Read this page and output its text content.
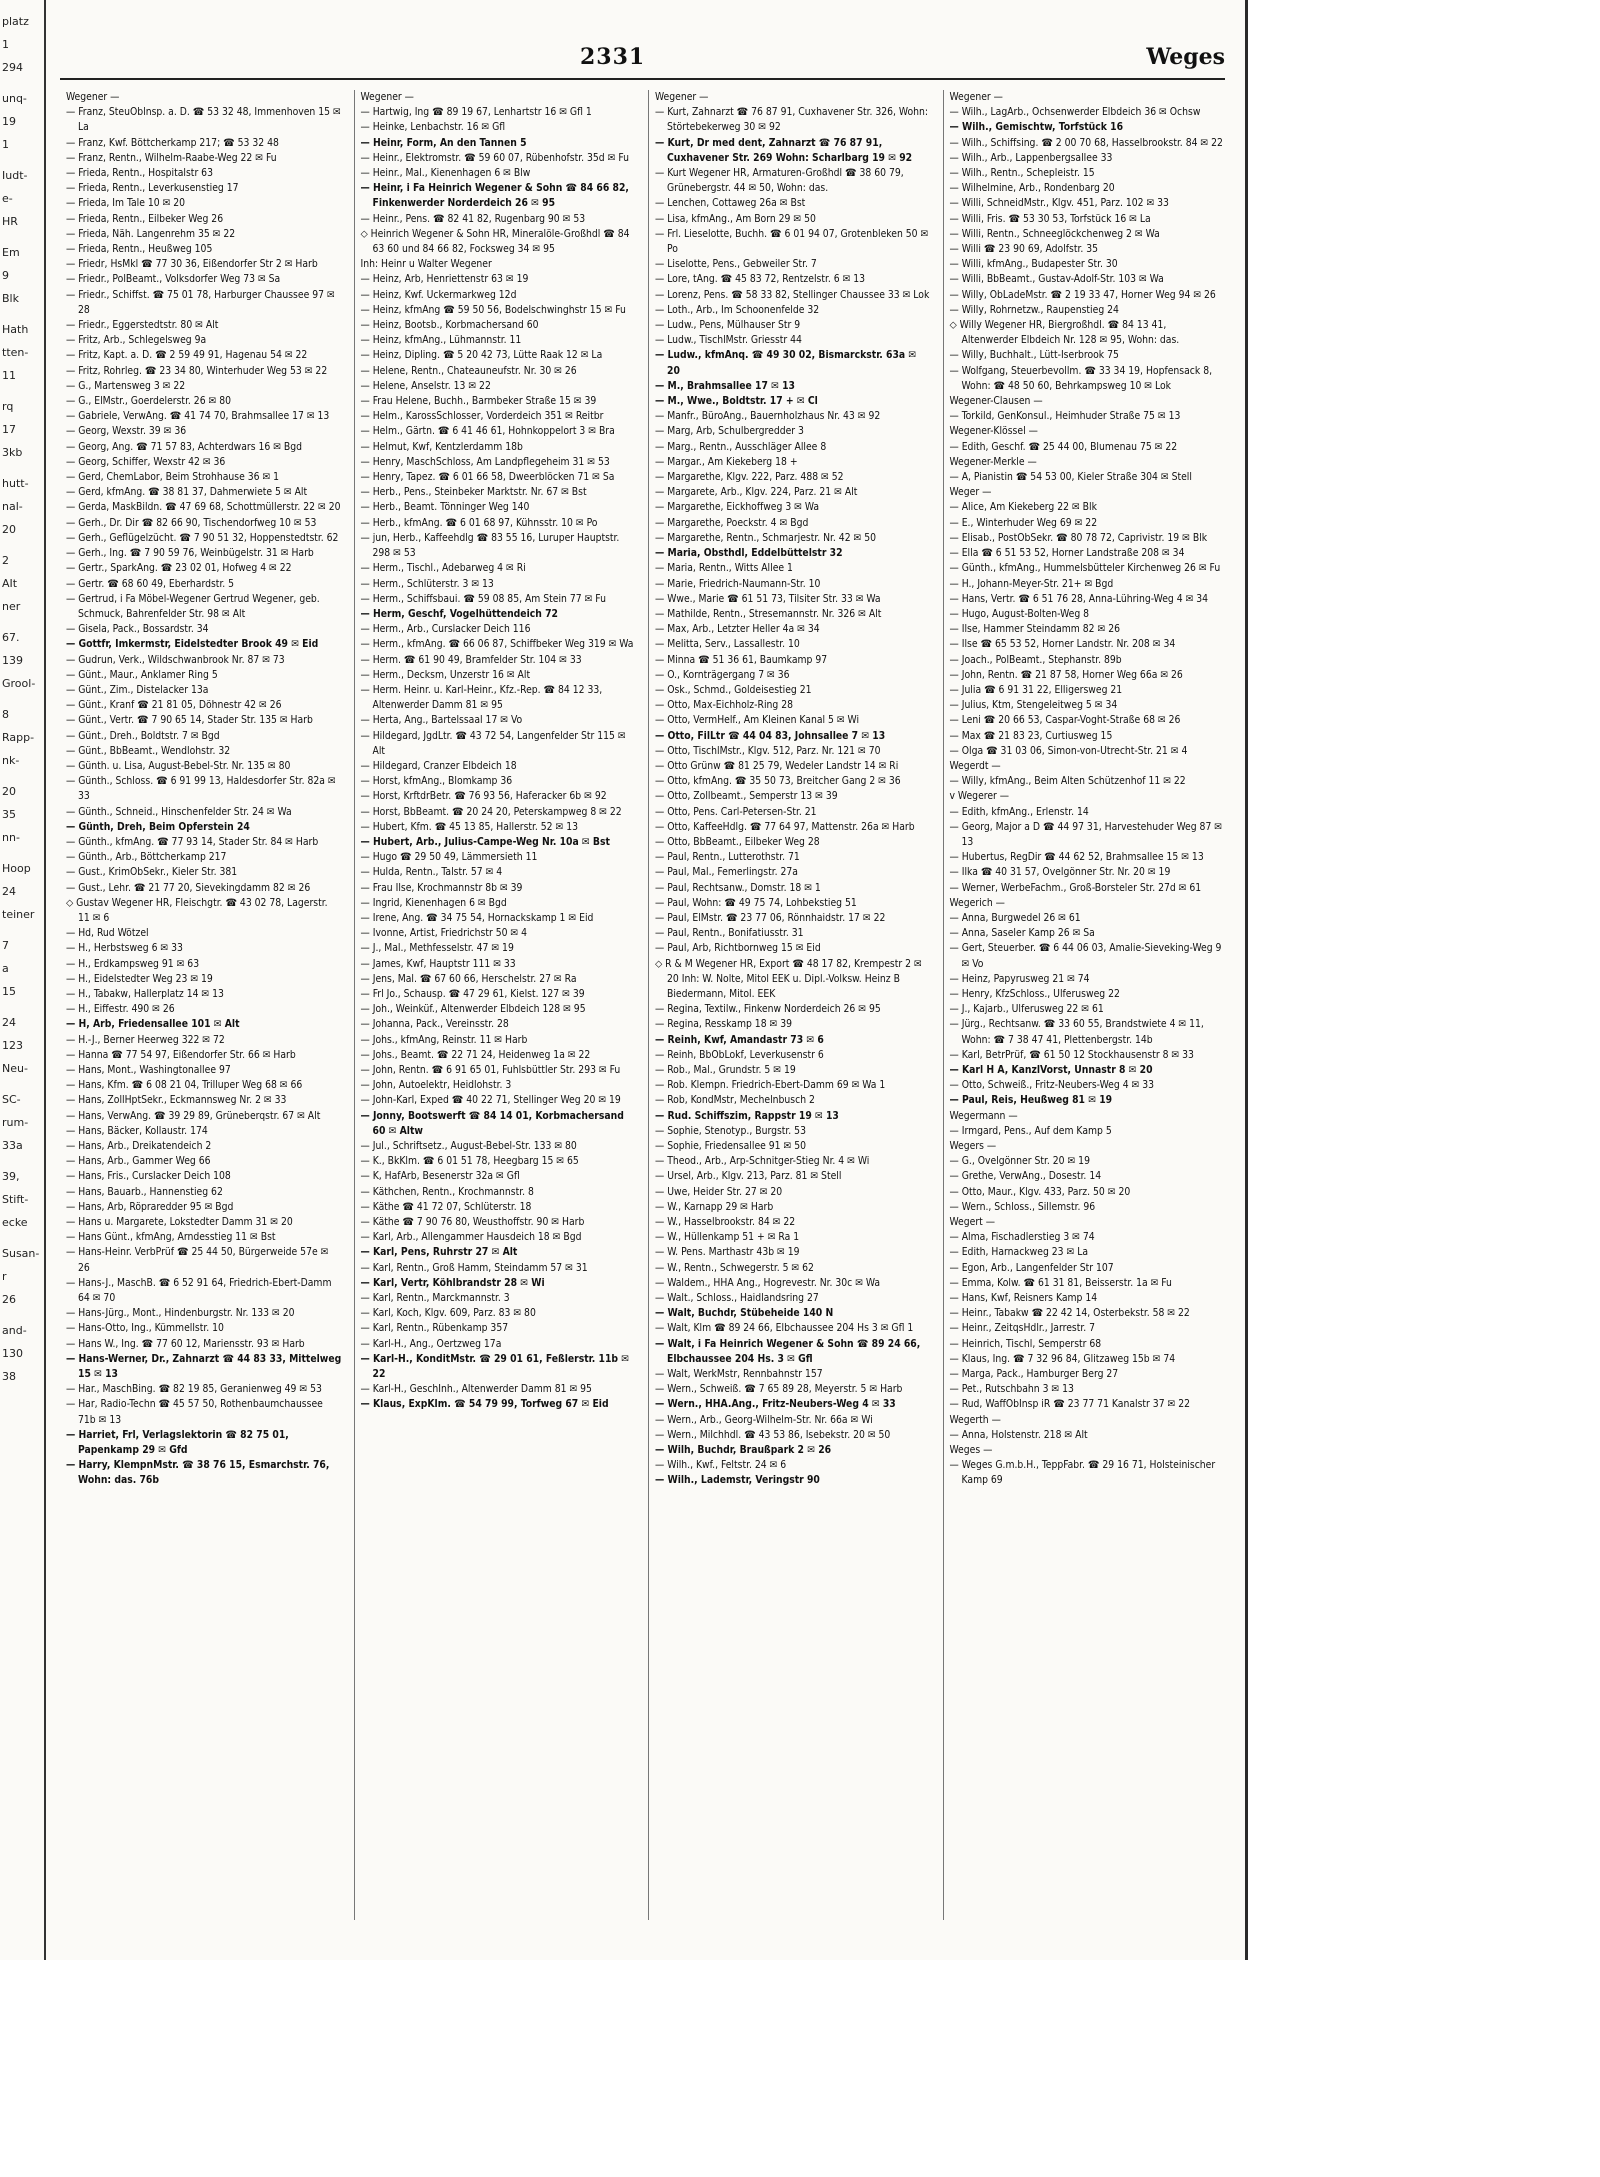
platz
1
294
unq-
19
1
Iudt-
e-
HR
Em
9
Blk
Hath
tten-
11
rq
17
3kb
hutt-
nal-
20
2
AIt
ner
67.
139
Grool-
8
Rapp-
nk-
20
35
nn-
Hoop
24
teiner
7
a
15
24
123
Neu-
SC-
rum-
33a
39,
Stift-
ecke
Susan-
r
26
and-
130
38
2331	Weges

Wegener —

— Franz, SteuOblnsp. a. D. ☎ 53 32 48, Immenhoven 15 ✉ La

— Franz, Kwf. Böttcherkamp 217; ☎ 53 32 48

— Franz, Rentn., Wilhelm-Raabe-Weg 22 ✉ Fu

— Frieda, Rentn., Hospitalstr 63

— Frieda, Rentn., Leverkusenstieg 17

— Frieda, Im Tale 10 ✉ 20

— Frieda, Rentn., Eilbeker Weg 26

— Frieda, Näh. Langenrehm 35 ✉ 22

— Frieda, Rentn., Heußweg 105

— Friedr, HsMkl ☎ 77 30 36, Eißendorfer Str 2 ✉ Harb

— Friedr., PolBeamt., Volksdorfer Weg 73 ✉ Sa

— Friedr., Schiffst. ☎ 75 01 78, Harburger Chaussee 97 ✉ 28

— Friedr., Eggerstedtstr. 80 ✉ Alt

— Fritz, Arb., Schlegelsweg 9a

— Fritz, Kapt. a. D. ☎ 2 59 49 91, Hagenau 54 ✉ 22

— Fritz, Rohrleg. ☎ 23 34 80, Winterhuder Weg 53 ✉ 22

— G., Martensweg 3 ✉ 22

— G., ElMstr., Goerdelerstr. 26 ✉ 80

— Gabriele, VerwAng. ☎ 41 74 70, Brahmsallee 17 ✉ 13

— Georg, Wexstr. 39 ✉ 36

— Georg, Ang. ☎ 71 57 83, Achterdwars 16 ✉ Bgd

— Georg, Schiffer, Wexstr 42 ✉ 36

— Gerd, ChemLabor, Beim Strohhause 36 ✉ 1

— Gerd, kfmAng. ☎ 38 81 37, Dahmerwiete 5 ✉ Alt

— Gerda, MaskBildn. ☎ 47 69 68, Schottmüllerstr. 22 ✉ 20

— Gerh., Dr. Dir ☎ 82 66 90, Tischendorfweg 10 ✉ 53

— Gerh., Geflügelzücht. ☎ 7 90 51 32, Hoppenstedtstr. 62

— Gerh., Ing. ☎ 7 90 59 76, Weinbügelstr. 31 ✉ Harb

— Gertr., SparkAng. ☎ 23 02 01, Hofweg 4 ✉ 22

— Gertr. ☎ 68 60 49, Eberhardstr. 5

— Gertrud, i Fa Möbel-Wegener Gertrud Wegener, geb. Schmuck, Bahrenfelder Str. 98 ✉ Alt

— Gisela, Pack., Bossardstr. 34

— Gottfr, Imkermstr, Eidelstedter Brook 49 ✉ Eid

— Gudrun, Verk., Wildschwanbrook Nr. 87 ✉ 73

— Günt., Maur., Anklamer Ring 5

— Günt., Zim., Distelacker 13a

— Günt., Kranf ☎ 21 81 05, Döhnestr 42 ✉ 26

— Günt., Vertr. ☎ 7 90 65 14, Stader Str. 135 ✉ Harb

— Günt., Dreh., Boldtstr. 7 ✉ Bgd

— Günt., BbBeamt., Wendlohstr. 32

— Günth. u. Lisa, August-Bebel-Str. Nr. 135 ✉ 80

— Günth., Schloss. ☎ 6 91 99 13, Haldesdorfer Str. 82a ✉ 33

— Günth., Schneid., Hinschenfelder Str. 24 ✉ Wa

— Günth, Dreh, Beim Opferstein 24

— Günth., kfmAng. ☎ 77 93 14, Stader Str. 84 ✉ Harb

— Günth., Arb., Böttcherkamp 217

— Gust., KrimObSekr., Kieler Str. 381

— Gust., Lehr. ☎ 21 77 20, Sievekingdamm 82 ✉ 26

⬦ Gustav Wegener HR, Fleischgtr. ☎ 43 02 78, Lagerstr. 11 ✉ 6

— Hd, Rud Wötzel

— H., Herbstsweg 6 ✉ 33

— H., Erdkampsweg 91 ✉ 63

— H., Eidelstedter Weg 23 ✉ 19

— H., Tabakw, Hallerplatz 14 ✉ 13

— H., Eiffestr. 490 ✉ 26

— H, Arb, Friedensallee 101 ✉ Alt

— H.-J., Berner Heerweg 322 ✉ 72

— Hanna ☎ 77 54 97, Eißendorfer Str. 66 ✉ Harb

— Hans, Mont., Washingtonallee 97

— Hans, Kfm. ☎ 6 08 21 04, Trilluper Weg 68 ✉ 66

— Hans, ZollHptSekr., Eckmannsweg Nr. 2 ✉ 33

— Hans, VerwAng. ☎ 39 29 89, Grüneberqstr. 67 ✉ Alt

— Hans, Bäcker, Kollaustr. 174

— Hans, Arb., Dreikatendeich 2

— Hans, Arb., Gammer Weg 66

— Hans, Fris., Curslacker Deich 108

— Hans, Bauarb., Hannenstieg 62

— Hans, Arb, Röpraredder 95 ✉ Bgd

— Hans u. Margarete, Lokstedter Damm 31 ✉ 20

— Hans Günt., kfmAng, Arndesstieg 11 ✉ Bst

— Hans-Heinr. VerbPrüf ☎ 25 44 50, Bürgerweide 57e ✉ 26

— Hans-J., MaschB. ☎ 6 52 91 64, Friedrich-Ebert-Damm 64 ✉ 70

— Hans-Jürg., Mont., Hindenburgstr. Nr. 133 ✉ 20

— Hans-Otto, Ing., Kümmellstr. 10

— Hans W., Ing. ☎ 77 60 12, Mariensstr. 93 ✉ Harb

— Hans-Werner, Dr., Zahnarzt ☎ 44 83 33, Mittelweg 15 ✉ 13

— Har., MaschBing. ☎ 82 19 85, Geranienweg 49 ✉ 53

— Har, Radio-Techn ☎ 45 57 50, Rothenbaumchaussee 71b ✉ 13

— Harriet, Frl, Verlagslektorin ☎ 82 75 01, Papenkamp 29 ✉ Gfd

— Harry, KlempnMstr. ☎ 38 76 15, Esmarchstr. 76, Wohn: das. 76b

Wegener —

— Hartwig, Ing ☎ 89 19 67, Lenhartstr 16 ✉ Gfl 1

— Heinke, Lenbachstr. 16 ✉ Gfl

— Heinr, Form, An den Tannen 5

— Heinr., Elektromstr. ☎ 59 60 07, Rübenhofstr. 35d ✉ Fu

— Heinr., Mal., Kienenhagen 6 ✉ Blw

— Heinr, i Fa Heinrich Wegener & Sohn ☎ 84 66 82, Finkenwerder Norderdeich 26 ✉ 95

— Heinr., Pens. ☎ 82 41 82, Rugenbarg 90 ✉ 53

⬦ Heinrich Wegener & Sohn HR, Mineralöle-Großhdl ☎ 84 63 60 und 84 66 82, Focksweg 34 ✉ 95

Inh: Heinr u Walter Wegener

— Heinz, Arb, Henriettenstr 63 ✉ 19

— Heinz, Kwf. Uckermarkweg 12d

— Heinz, kfmAng ☎ 59 50 56, Bodelschwinghstr 15 ✉ Fu

— Heinz, Bootsb., Korbmachersand 60

— Heinz, kfmAng., Lühmannstr. 11

— Heinz, Dipling. ☎ 5 20 42 73, Lütte Raak 12 ✉ La

— Helene, Rentn., Chateauneufstr. Nr. 30 ✉ 26

— Helene, Anselstr. 13 ✉ 22

— Frau Helene, Buchh., Barmbeker Straße 15 ✉ 39

— Helm., KarossSchlosser, Vorderdeich 351 ✉ Reitbr

— Helm., Gärtn. ☎ 6 41 46 61, Hohnkoppelort 3 ✉ Bra

— Helmut, Kwf, Kentzlerdamm 18b

— Henry, MaschSchloss, Am Landpflegeheim 31 ✉ 53

— Henry, Tapez. ☎ 6 01 66 58, Dweerblöcken 71 ✉ Sa

— Herb., Pens., Steinbeker Marktstr. Nr. 67 ✉ Bst

— Herb., Beamt. Tönninger Weg 140

— Herb., kfmAng. ☎ 6 01 68 97, Kühnsstr. 10 ✉ Po

— jun, Herb., Kaffeehdlg ☎ 83 55 16, Luruper Hauptstr. 298 ✉ 53

— Herm., Tischl., Adebarweg 4 ✉ Ri

— Herm., Schlüterstr. 3 ✉ 13

— Herm., Schiffsbaui. ☎ 59 08 85, Am Stein 77 ✉ Fu

— Herm, Geschf, Vogelhüttendeich 72

— Herm., Arb., Curslacker Deich 116

— Herm., kfmAng. ☎ 66 06 87, Schiffbeker Weg 319 ✉ Wa

— Herm. ☎ 61 90 49, Bramfelder Str. 104 ✉ 33

— Herm., Decksm, Unzerstr 16 ✉ Alt

— Herm. Heinr. u. Karl-Heinr., Kfz.-Rep. ☎ 84 12 33, Altenwerder Damm 81 ✉ 95

— Herta, Ang., Bartelssaal 17 ✉ Vo

— Hildegard, JgdLtr. ☎ 43 72 54, Langenfelder Str 115 ✉ Alt

— Hildegard, Cranzer Elbdeich 18

— Horst, kfmAng., Blomkamp 36

— Horst, KrftdrBetr. ☎ 76 93 56, Haferacker 6b ✉ 92

— Horst, BbBeamt. ☎ 20 24 20, Peterskampweg 8 ✉ 22

— Hubert, Kfm. ☎ 45 13 85, Hallerstr. 52 ✉ 13

— Hubert, Arb., Julius-Campe-Weg Nr. 10a ✉ Bst

— Hugo ☎ 29 50 49, Lämmersieth 11

— Hulda, Rentn., Talstr. 57 ✉ 4

— Frau Ilse, Krochmannstr 8b ✉ 39

— Ingrid, Kienenhagen 6 ✉ Bgd

— Irene, Ang. ☎ 34 75 54, Hornackskamp 1 ✉ Eid

— Ivonne, Artist, Friedrichstr 50 ✉ 4

— J., Mal., Methfesselstr. 47 ✉ 19

— James, Kwf, Hauptstr 111 ✉ 33

— Jens, Mal. ☎ 67 60 66, Herschelstr. 27 ✉ Ra

— Frl Jo., Schausp. ☎ 47 29 61, Kielst. 127 ✉ 39

— Joh., Weinküf., Altenwerder Elbdeich 128 ✉ 95

— Johanna, Pack., Vereinsstr. 28

— Johs., kfmAng, Reinstr. 11 ✉ Harb

— Johs., Beamt. ☎ 22 71 24, Heidenweg 1a ✉ 22

— John, Rentn. ☎ 6 91 65 01, Fuhlsbüttler Str. 293 ✉ Fu

— John, Autoelektr, Heidlohstr. 3

— John-Karl, Exped ☎ 40 22 71, Stellinger Weg 20 ✉ 19

— Jonny, Bootswerft ☎ 84 14 01, Korbmachersand 60 ✉ Altw

— Jul., Schriftsetz., August-Bebel-Str. 133 ✉ 80

— K., BkKlm. ☎ 6 01 51 78, Heegbarg 15 ✉ 65

— K, HafArb, Besenerstr 32a ✉ Gfl

— Käthchen, Rentn., Krochmannstr. 8

— Käthe ☎ 41 72 07, Schlüterstr. 18

— Käthe ☎ 7 90 76 80, Weusthoffstr. 90 ✉ Harb

— Karl, Arb., Allengammer Hausdeich 18 ✉ Bgd

— Karl, Pens, Ruhrstr 27 ✉ Alt

— Karl, Rentn., Groß Hamm, Steindamm 57 ✉ 31

— Karl, Vertr, Köhlbrandstr 28 ✉ Wi

— Karl, Rentn., Marckmannstr. 3

— Karl, Koch, Klgv. 609, Parz. 83 ✉ 80

— Karl, Rentn., Rübenkamp 357

— Karl-H., Ang., Oertzweg 17a

— Karl-H., KonditMstr. ☎ 29 01 61, Feßlerstr. 11b ✉ 22

— Karl-H., GeschInh., Altenwerder Damm 81 ✉ 95

— Klaus, ExpKlm. ☎ 54 79 99, Torfweg 67 ✉ Eid

Wegener —

— Kurt, Zahnarzt ☎ 76 87 91, Cuxhavener Str. 326, Wohn: Störtebekerweg 30 ✉ 92

— Kurt, Dr med dent, Zahnarzt ☎ 76 87 91, Cuxhavener Str. 269 Wohn: Scharlbarg 19 ✉ 92

— Kurt Wegener HR, Armaturen-Großhdl ☎ 38 60 79, Grünebergstr. 44 ✉ 50, Wohn: das.

— Lenchen, Cottaweg 26a ✉ Bst

— Lisa, kfmAng., Am Born 29 ✉ 50

— Frl. Lieselotte, Buchh. ☎ 6 01 94 07, Grotenbleken 50 ✉ Po

— Liselotte, Pens., Gebweiler Str. 7

— Lore, tAng. ☎ 45 83 72, Rentzelstr. 6 ✉ 13

— Lorenz, Pens. ☎ 58 33 82, Stellinger Chaussee 33 ✉ Lok

— Loth., Arb., Im Schoonenfelde 32

— Ludw., Pens, Mülhauser Str 9

— Ludw., TischlMstr. Griesstr 44

— Ludw., kfmAnq. ☎ 49 30 02, Bismarckstr. 63a ✉ 20

— M., Brahmsallee 17 ✉ 13

— M., Wwe., Boldtstr. 17 + ✉ Cl

— Manfr., BüroAng., Bauernholzhaus Nr. 43 ✉ 92

— Marg, Arb, Schulbergredder 3

— Marg., Rentn., Ausschläger Allee 8

— Margar., Am Kiekeberg 18 +

— Margarethe, Klgv. 222, Parz. 488 ✉ 52

— Margarete, Arb., Klgv. 224, Parz. 21 ✉ Alt

— Margarethe, Eickhoffweg 3 ✉ Wa

— Margarethe, Poeckstr. 4 ✉ Bgd

— Margarethe, Rentn., Schmarjestr. Nr. 42 ✉ 50

— Maria, Obsthdl, Eddelbüttelstr 32

— Maria, Rentn., Witts Allee 1

— Marie, Friedrich-Naumann-Str. 10

— Wwe., Marie ☎ 61 51 73, Tilsiter Str. 33 ✉ Wa

— Mathilde, Rentn., Stresemannstr. Nr. 326 ✉ Alt

— Max, Arb., Letzter Heller 4a ✉ 34

— Melitta, Serv., Lassallestr. 10

— Minna ☎ 51 36 61, Baumkamp 97

— O., Kornträgergang 7 ✉ 36

— Osk., Schmd., Goldeisestieg 21

— Otto, Max-Eichholz-Ring 28

— Otto, VermHelf., Am Kleinen Kanal 5 ✉ Wi

— Otto, FilLtr ☎ 44 04 83, Johnsallee 7 ✉ 13

— Otto, TischlMstr., Klgv. 512, Parz. Nr. 121 ✉ 70

— Otto Grünw ☎ 81 25 79, Wedeler Landstr 14 ✉ Ri

— Otto, kfmAng. ☎ 35 50 73, Breitcher Gang 2 ✉ 36

— Otto, Zollbeamt., Semperstr 13 ✉ 39

— Otto, Pens. Carl-Petersen-Str. 21

— Otto, KaffeeHdlg. ☎ 77 64 97, Mattenstr. 26a ✉ Harb

— Otto, BbBeamt., Eilbeker Weg 28

— Paul, Rentn., Lutterothstr. 71

— Paul, Mal., Femerlingstr. 27a

— Paul, Rechtsanw., Domstr. 18 ✉ 1

— Paul, Wohn: ☎ 49 75 74, Lohbekstieg 51

— Paul, ElMstr. ☎ 23 77 06, Rönnhaidstr. 17 ✉ 22

— Paul, Rentn., Bonifatiusstr. 31

— Paul, Arb, Richtbornweg 15 ✉ Eid

⬦ R & M Wegener HR, Export ☎ 48 17 82, Krempestr 2 ✉ 20 Inh: W. Nolte, Mitol EEK u. Dipl.-Volksw. Heinz B Biedermann, Mitol. EEK

— Regina, Textilw., Finkenw Norderdeich 26 ✉ 95

— Regina, Resskamp 18 ✉ 39

— Reinh, Kwf, Amandastr 73 ✉ 6

— Reinh, BbObLokf, Leverkusenstr 6

— Rob., Mal., Grundstr. 5 ✉ 19

— Rob. Klempn. Friedrich-Ebert-Damm 69 ✉ Wa 1

— Rob, KondMstr, Mechelnbusch 2

— Rud. Schiffszim, Rappstr 19 ✉ 13

— Sophie, Stenotyp., Burgstr. 53

— Sophie, Friedensallee 91 ✉ 50

— Theod., Arb., Arp-Schnitger-Stieg Nr. 4 ✉ Wi

— Ursel, Arb., Klgv. 213, Parz. 81 ✉ Stell

— Uwe, Heider Str. 27 ✉ 20

— W., Karnapp 29 ✉ Harb

— W., Hasselbrookstr. 84 ✉ 22

— W., Hüllenkamp 51 + ✉ Ra 1

— W. Pens. Marthastr 43b ✉ 19

— W., Rentn., Schwegerstr. 5 ✉ 62

— Waldem., HHA Ang., Hogrevestr. Nr. 30c ✉ Wa

— Walt., Schloss., Haidlandsring 27

— Walt, Buchdr, Stübeheide 140 N

— Walt, Klm ☎ 89 24 66, Elbchaussee 204 Hs 3 ✉ Gfl 1

— Walt, i Fa Heinrich Wegener & Sohn ☎ 89 24 66, Elbchaussee 204 Hs. 3 ✉ Gfl

— Walt, WerkMstr, Rennbahnstr 157

— Wern., Schweiß. ☎ 7 65 89 28, Meyerstr. 5 ✉ Harb

— Wern., HHA.Ang., Fritz-Neubers-Weg 4 ✉ 33

— Wern., Arb., Georg-Wilhelm-Str. Nr. 66a ✉ Wi

— Wern., Milchhdl. ☎ 43 53 86, Isebekstr. 20 ✉ 50

— Wilh, Buchdr, Braußpark 2 ✉ 26

— Wilh., Kwf., Feltstr. 24 ✉ 6

— Wilh., Lademstr, Veringstr 90

Wegener —

— Wilh., LagArb., Ochsenwerder Elbdeich 36 ✉ Ochsw

— Wilh., Gemischtw, Torfstück 16

— Wilh., Schiffsing. ☎ 2 00 70 68, Hasselbrookstr. 84 ✉ 22

— Wilh., Arb., Lappenbergsallee 33

— Wilh., Rentn., Schepleistr. 15

— Wilhelmine, Arb., Rondenbarg 20

— Willi, SchneidMstr., Klgv. 451, Parz. 102 ✉ 33

— Willi, Fris. ☎ 53 30 53, Torfstück 16 ✉ La

— Willi, Rentn., Schneeglöckchenweg 2 ✉ Wa

— Willi ☎ 23 90 69, Adolfstr. 35

— Willi, kfmAng., Budapester Str. 30

— Willi, BbBeamt., Gustav-Adolf-Str. 103 ✉ Wa

— Willy, ObLadeMstr. ☎ 2 19 33 47, Horner Weg 94 ✉ 26

— Willy, Rohrnetzw., Raupenstieg 24

⬦ Willy Wegener HR, Biergroßhdl. ☎ 84 13 41, Altenwerder Elbdeich Nr. 128 ✉ 95, Wohn: das.

— Willy, Buchhalt., Lütt-Iserbrook 75

— Wolfgang, Steuerbevollm. ☎ 33 34 19, Hopfensack 8, Wohn: ☎ 48 50 60, Behrkampsweg 10 ✉ Lok

Wegener-Clausen —

— Torkild, GenKonsul., Heimhuder Straße 75 ✉ 13

Wegener-Klössel —

— Edith, Geschf. ☎ 25 44 00, Blumenau 75 ✉ 22

Wegener-Merkle —

— A, Pianistin ☎ 54 53 00, Kieler Straße 304 ✉ Stell

Weger —

— Alice, Am Kiekeberg 22 ✉ Blk

— E., Winterhuder Weg 69 ✉ 22

— Elisab., PostObSekr. ☎ 80 78 72, Caprivistr. 19 ✉ Blk

— Ella ☎ 6 51 53 52, Horner Landstraße 208 ✉ 34

— Günth., kfmAng., Hummelsbütteler Kirchenweg 26 ✉ Fu

— H., Johann-Meyer-Str. 21+ ✉ Bgd

— Hans, Vertr. ☎ 6 51 76 28, Anna-Lühring-Weg 4 ✉ 34

— Hugo, August-Bolten-Weg 8

— Ilse, Hammer Steindamm 82 ✉ 26

— Ilse ☎ 65 53 52, Horner Landstr. Nr. 208 ✉ 34

— Joach., PolBeamt., Stephanstr. 89b

— John, Rentn. ☎ 21 87 58, Horner Weg 66a ✉ 26

— Julia ☎ 6 91 31 22, Elligersweg 21

— Julius, Ktm, Stengeleitweg 5 ✉ 34

— Leni ☎ 20 66 53, Caspar-Voght-Straße 68 ✉ 26

— Max ☎ 21 83 23, Curtiusweg 15

— Olga ☎ 31 03 06, Simon-von-Utrecht-Str. 21 ✉ 4

Wegerdt —

— Willy, kfmAng., Beim Alten Schützenhof 11 ✉ 22

v Wegerer —

— Edith, kfmAng., Erlenstr. 14

— Georg, Major a D ☎ 44 97 31, Harvestehuder Weg 87 ✉ 13

— Hubertus, RegDir ☎ 44 62 52, Brahmsallee 15 ✉ 13

— Ilka ☎ 40 31 57, Ovelgönner Str. Nr. 20 ✉ 19

— Werner, WerbeFachm., Groß-Borsteler Str. 27d ✉ 61

Wegerich —

— Anna, Burgwedel 26 ✉ 61

— Anna, Saseler Kamp 26 ✉ Sa

— Gert, Steuerber. ☎ 6 44 06 03, Amalie-Sieveking-Weg 9 ✉ Vo

— Heinz, Papyrusweg 21 ✉ 74

— Henry, KfzSchloss., Ulferusweg 22

— J., Kajarb., Ulferusweg 22 ✉ 61

— Jürg., Rechtsanw. ☎ 33 60 55, Brandstwiete 4 ✉ 11, Wohn: ☎ 7 38 47 41, Plettenbergstr. 14b

— Karl, BetrPrüf, ☎ 61 50 12 Stockhausenstr 8 ✉ 33

— Karl H A, KanzlVorst, Unnastr 8 ✉ 20

— Otto, Schweiß., Fritz-Neubers-Weg 4 ✉ 33

— Paul, Reis, Heußweg 81 ✉ 19

Wegermann —

— Irmgard, Pens., Auf dem Kamp 5

Wegers —

— G., Ovelgönner Str. 20 ✉ 19

— Grethe, VerwAng., Dosestr. 14

— Otto, Maur., Klgv. 433, Parz. 50 ✉ 20

— Wern., Schloss., Sillemstr. 96

Wegert —

— Alma, Fischadlerstieg 3 ✉ 74

— Edith, Harnackweg 23 ✉ La

— Egon, Arb., Langenfelder Str 107

— Emma, Kolw. ☎ 61 31 81, Beisserstr. 1a ✉ Fu

— Hans, Kwf, Reisners Kamp 14

— Heinr., Tabakw ☎ 22 42 14, Osterbekstr. 58 ✉ 22

— Heinr., ZeitqsHdlr., Jarrestr. 7

— Heinrich, Tischl, Semperstr 68

— Klaus, Ing. ☎ 7 32 96 84, Glitzaweg 15b ✉ 74

— Marga, Pack., Hamburger Berg 27

— Pet., Rutschbahn 3 ✉ 13

— Rud, WaffObInsp iR ☎ 23 77 71 Kanalstr 37 ✉ 22

Wegerth —

— Anna, Holstenstr. 218 ✉ Alt

Weges —

— Weges G.m.b.H., TeppFabr. ☎ 29 16 71, Holsteinischer Kamp 69
